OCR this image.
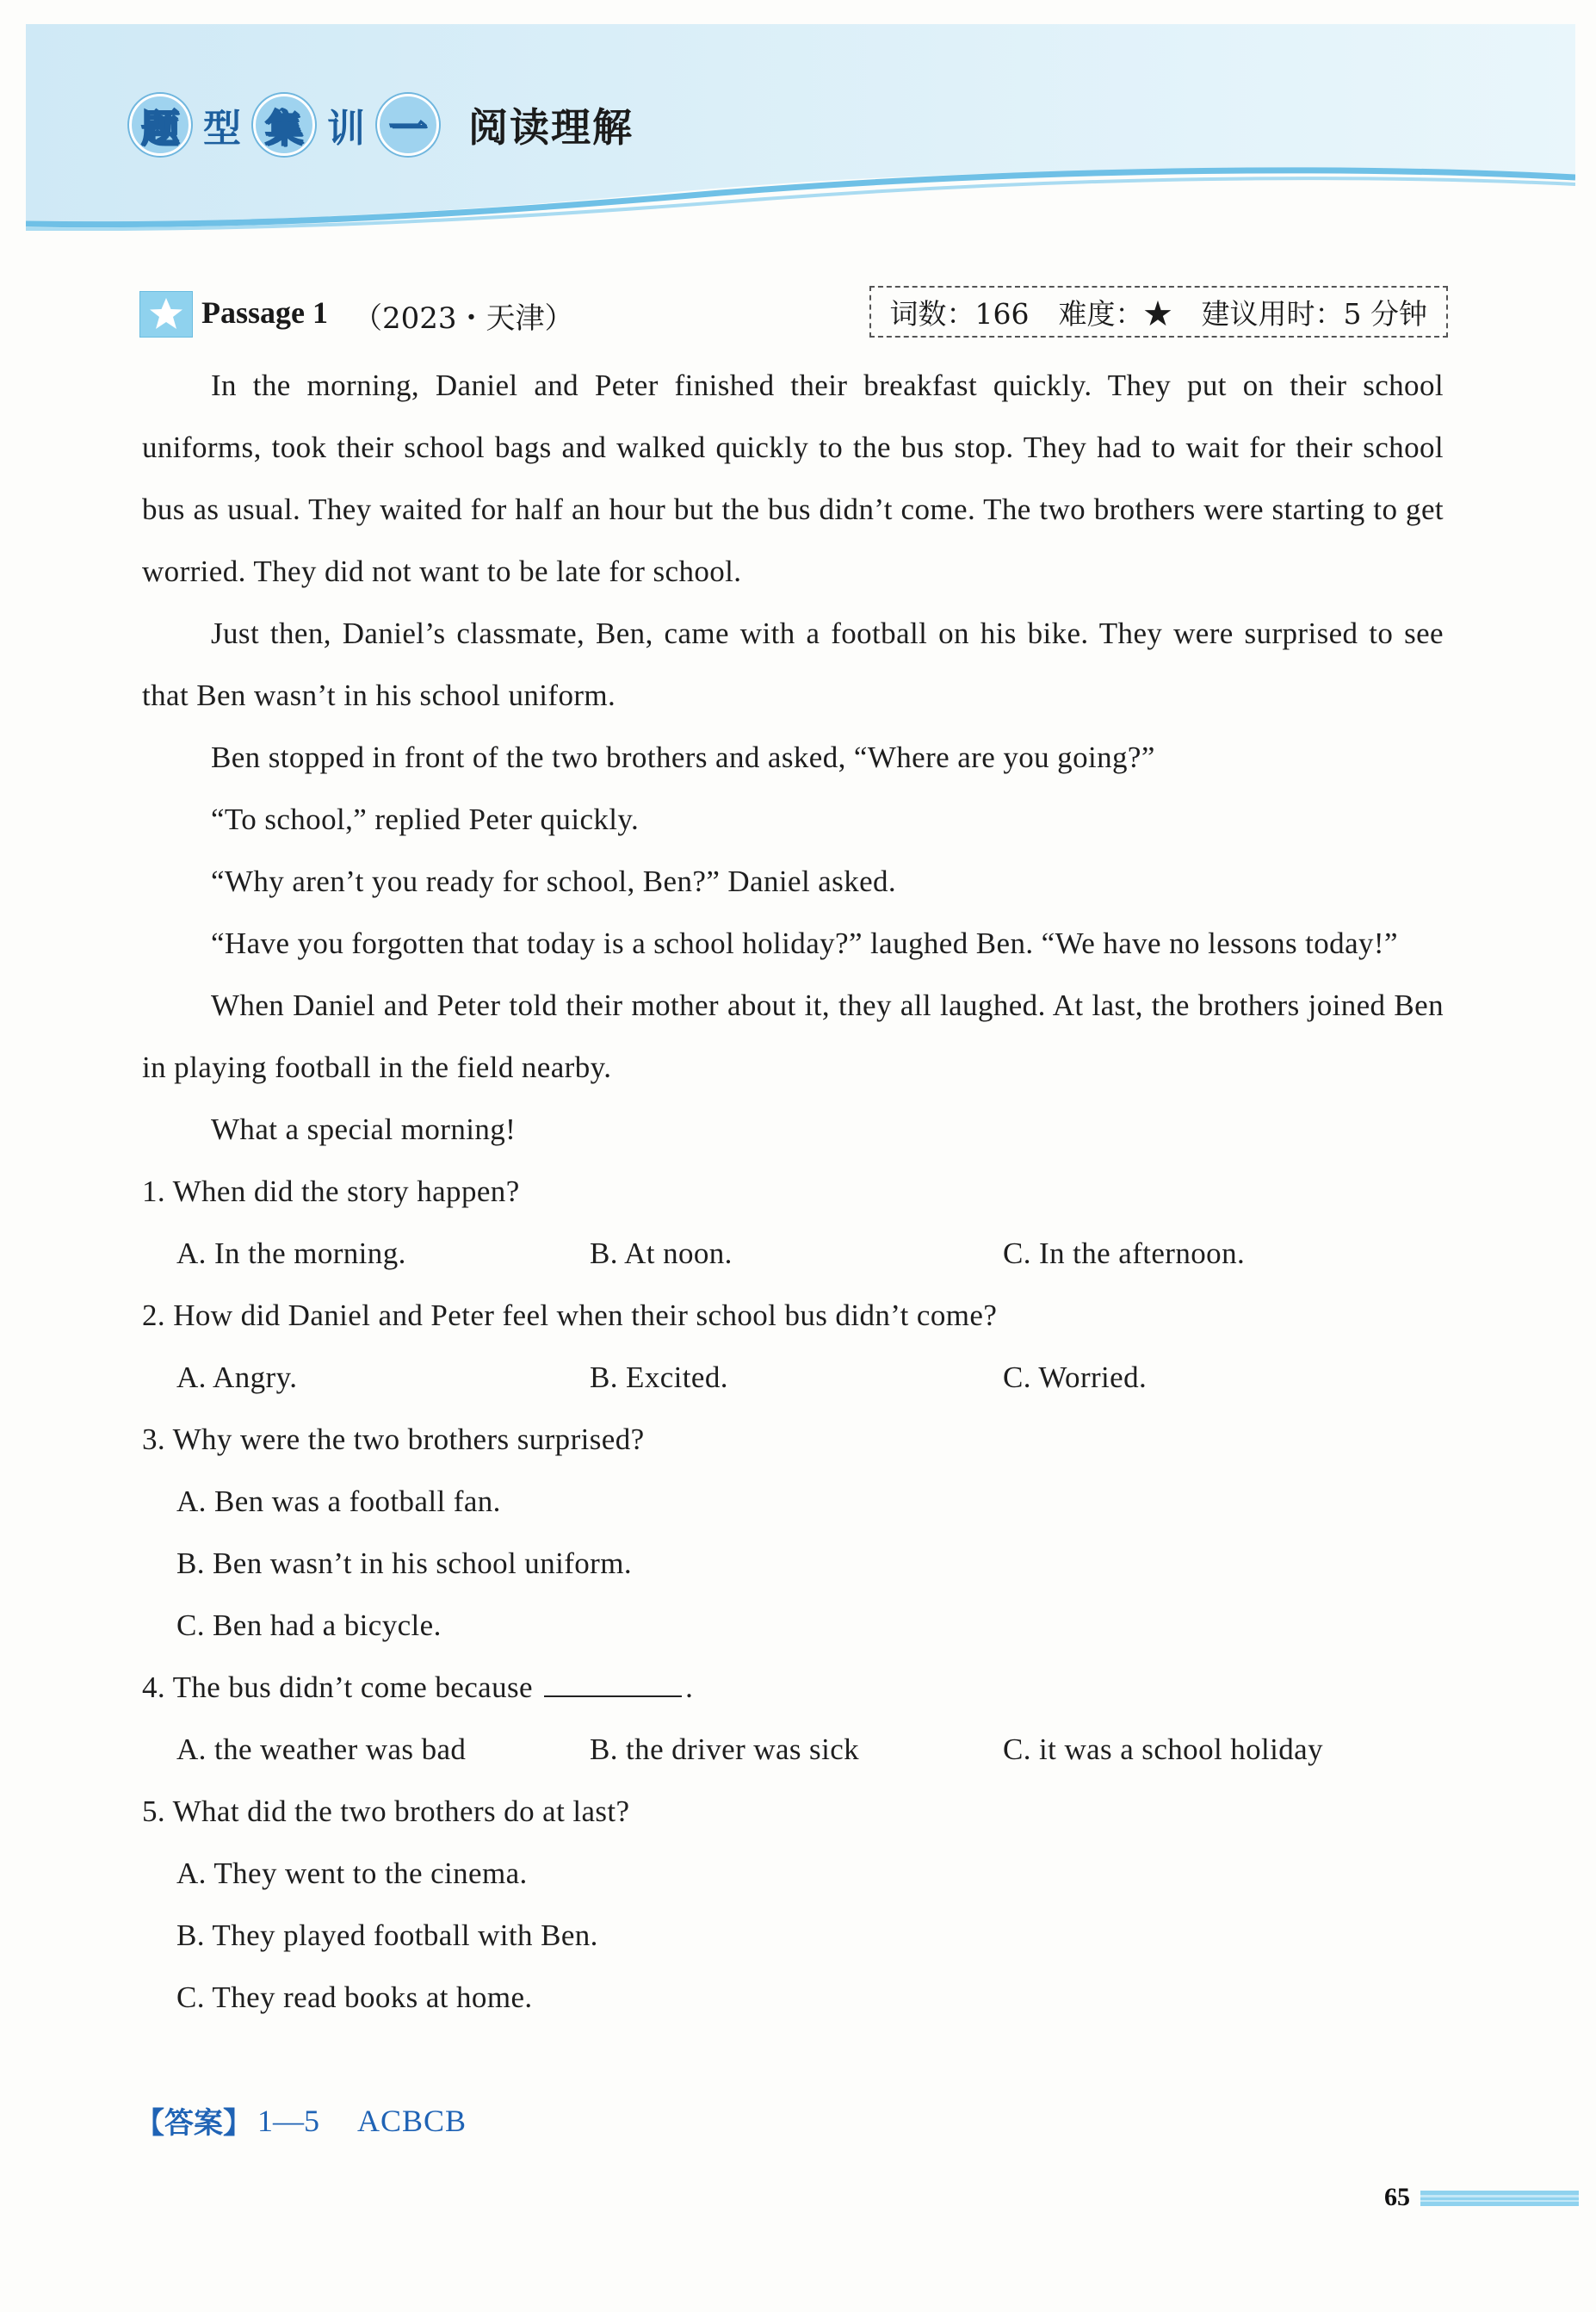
题 型 集 训 一	阅读理解
Passage 1 （2023・天津）	词数：166 难度：★ 建议用时：5 分钟
In the morning, Daniel and Peter finished their breakfast quickly. They put on their school uniforms, took their school bags and walked quickly to the bus stop. They had to wait for their school bus as usual. They waited for half an hour but the bus didn’t come. The two brothers were starting to get worried. They did not want to be late for school.
Just then, Daniel’s classmate, Ben, came with a football on his bike. They were surprised to see that Ben wasn’t in his school uniform.
Ben stopped in front of the two brothers and asked, “Where are you going?”
“To school,” replied Peter quickly.
“Why aren’t you ready for school, Ben?” Daniel asked.
“Have you forgotten that today is a school holiday?” laughed Ben. “We have no lessons today!”
When Daniel and Peter told their mother about it, they all laughed. At last, the brothers joined Ben in playing football in the field nearby.
What a special morning!
1. When did the story happen?
A. In the morning.	B. At noon.	C. In the afternoon.
2. How did Daniel and Peter feel when their school bus didn’t come?
A. Angry.	B. Excited.	C. Worried.
3. Why were the two brothers surprised?
A. Ben was a football fan.
B. Ben wasn’t in his school uniform.
C. Ben had a bicycle.
4. The bus didn’t come because	.
A. the weather was bad	B. the driver was sick	C. it was a school holiday
5. What did the two brothers do at last?
A. They went to the cinema.
B. They played football with Ben.
C. They read books at home.
【答案】 1—5 ACBCB
65
